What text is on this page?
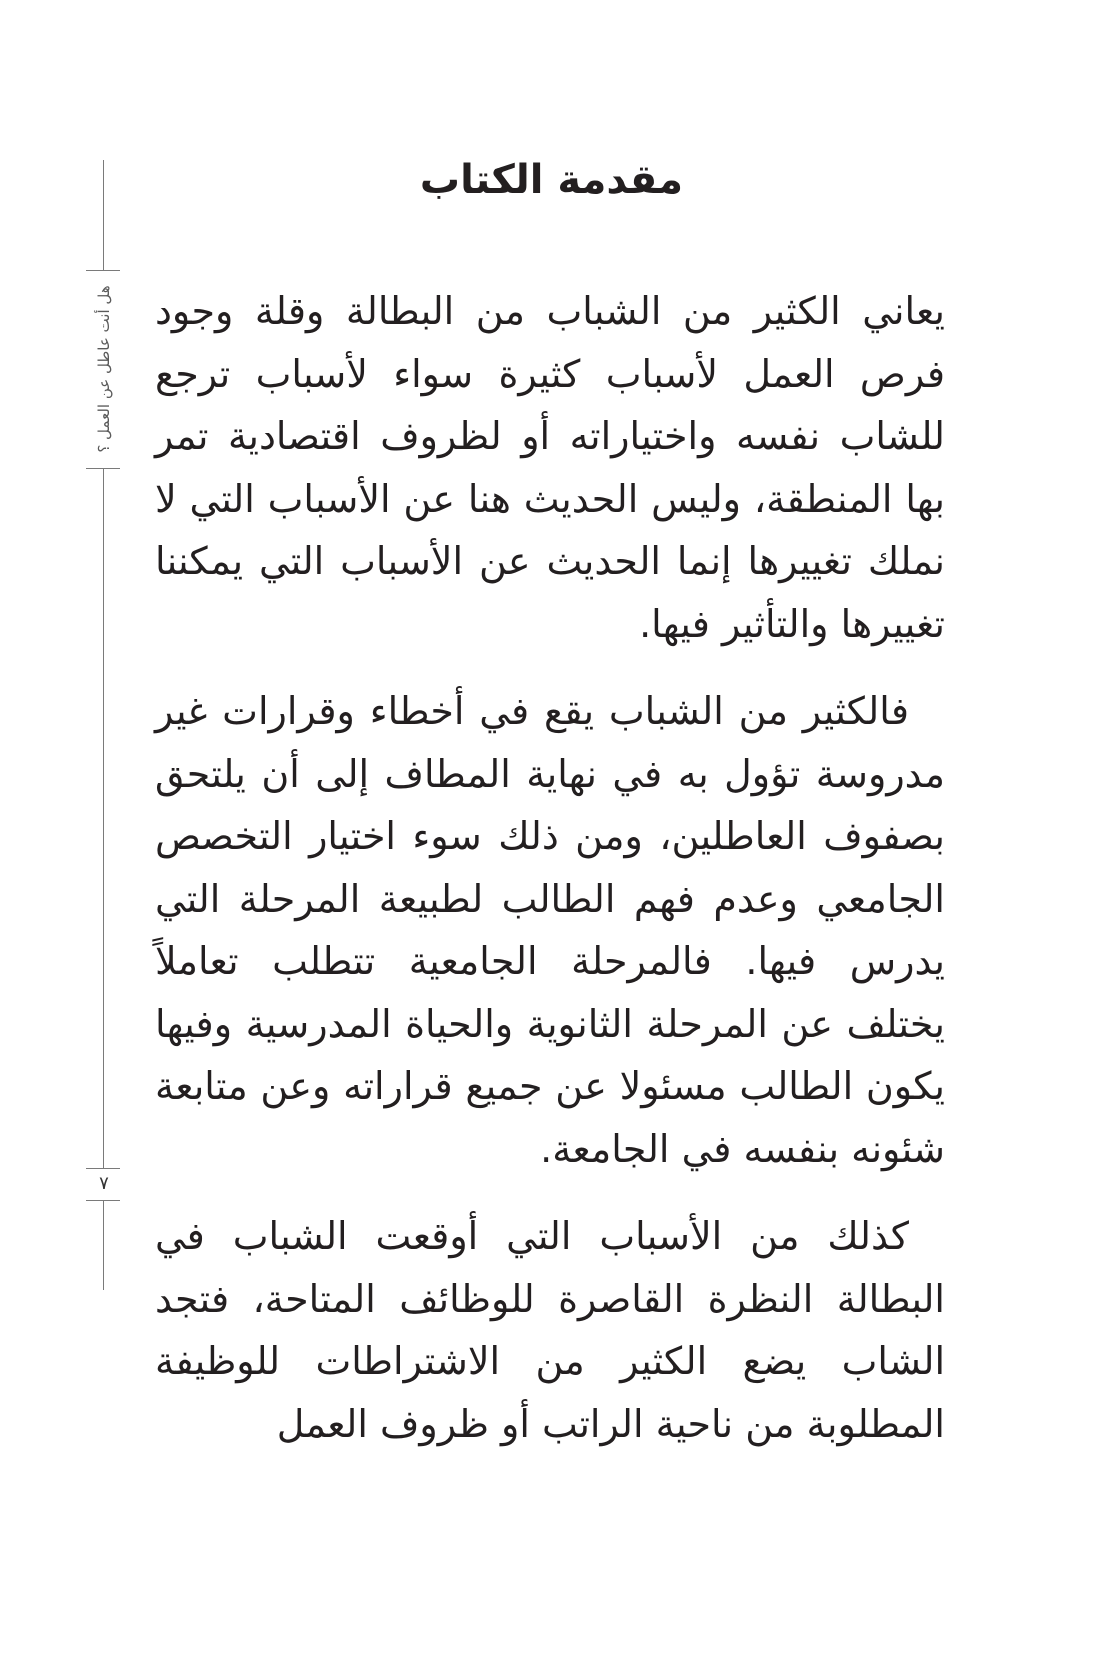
مقدمة الكتاب

يعاني الكثير من الشباب من البطالة وقلة وجود فرص العمل لأسباب كثيرة سواء لأسباب ترجع للشاب نفسه واختياراته أو لظروف اقتصادية تمر بها المنطقة، وليس الحديث هنا عن الأسباب التي لا نملك تغييرها إنما الحديث عن الأسباب التي يمكننا تغييرها والتأثير فيها.

فالكثير من الشباب يقع في أخطاء وقرارات غير مدروسة تؤول به في نهاية المطاف إلى أن يلتحق بصفوف العاطلين، ومن ذلك سوء اختيار التخصص الجامعي وعدم فهم الطالب لطبيعة المرحلة التي يدرس فيها. فالمرحلة الجامعية تتطلب تعاملاً يختلف عن المرحلة الثانوية والحياة المدرسية وفيها يكون الطالب مسئولا عن جميع قراراته وعن متابعة شئونه بنفسه في الجامعة.

كذلك من الأسباب التي أوقعت الشباب في البطالة النظرة القاصرة للوظائف المتاحة، فتجد الشاب يضع الكثير من الاشتراطات للوظيفة المطلوبة من ناحية الراتب أو ظروف العمل

هل أنت عاطل عن العمل ؟
٧
